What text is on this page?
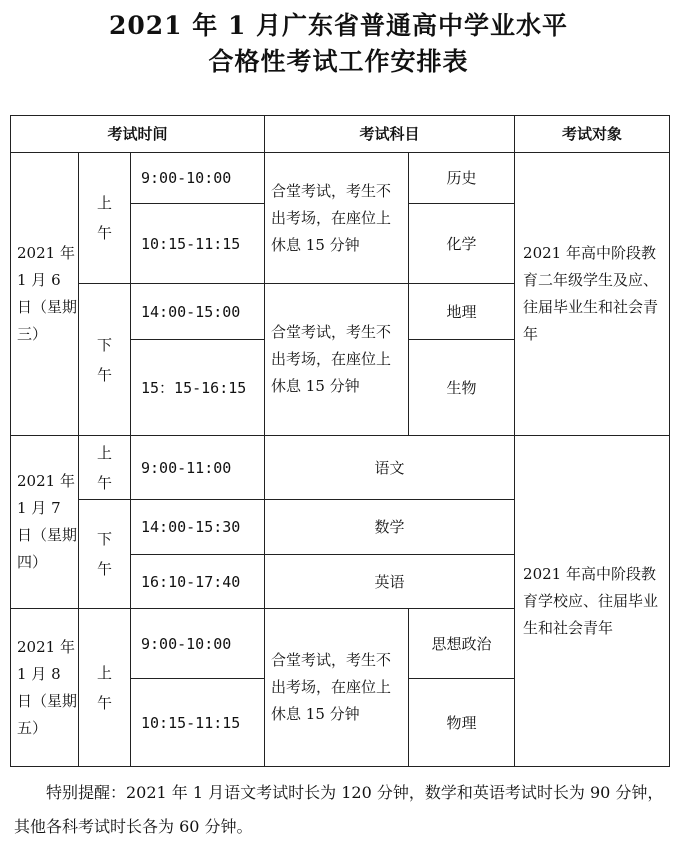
2021 年 1 月广东省普通高中学业水平
合格性考试工作安排表
考试时间			考试科目		考试对象
2021 年 1 月 6 日（星期三）	上午	9:00-10:00	合堂考试，考生不出考场，在座位上休息 15 分钟	历史	2021 年高中阶段教育二年级学生及应、往届毕业生和社会青年
		10:15-11:15		化学	

	下午	14:00-15:00	合堂考试，考生不出考场，在座位上休息 15 分钟	地理	
		15：15-16:15		生物	
2021 年 1 月 7 日（星期四）	上午	9:00-11:00	语文		2021 年高中阶段教育学校应、往届毕业生和社会青年

	下午	14:00-15:30	数学		
		16:10-17:40	英语		
2021 年 1 月 8 日（星期五）	上午	9:00-10:00	合堂考试，考生不出考场，在座位上休息 15 分钟	思想政治	
		10:15-11:15		物理	

特别提醒：2021 年 1 月语文考试时长为 120 分钟，数学和英语考试时长为 90 分钟，其他各科考试时长各为 60 分钟。
